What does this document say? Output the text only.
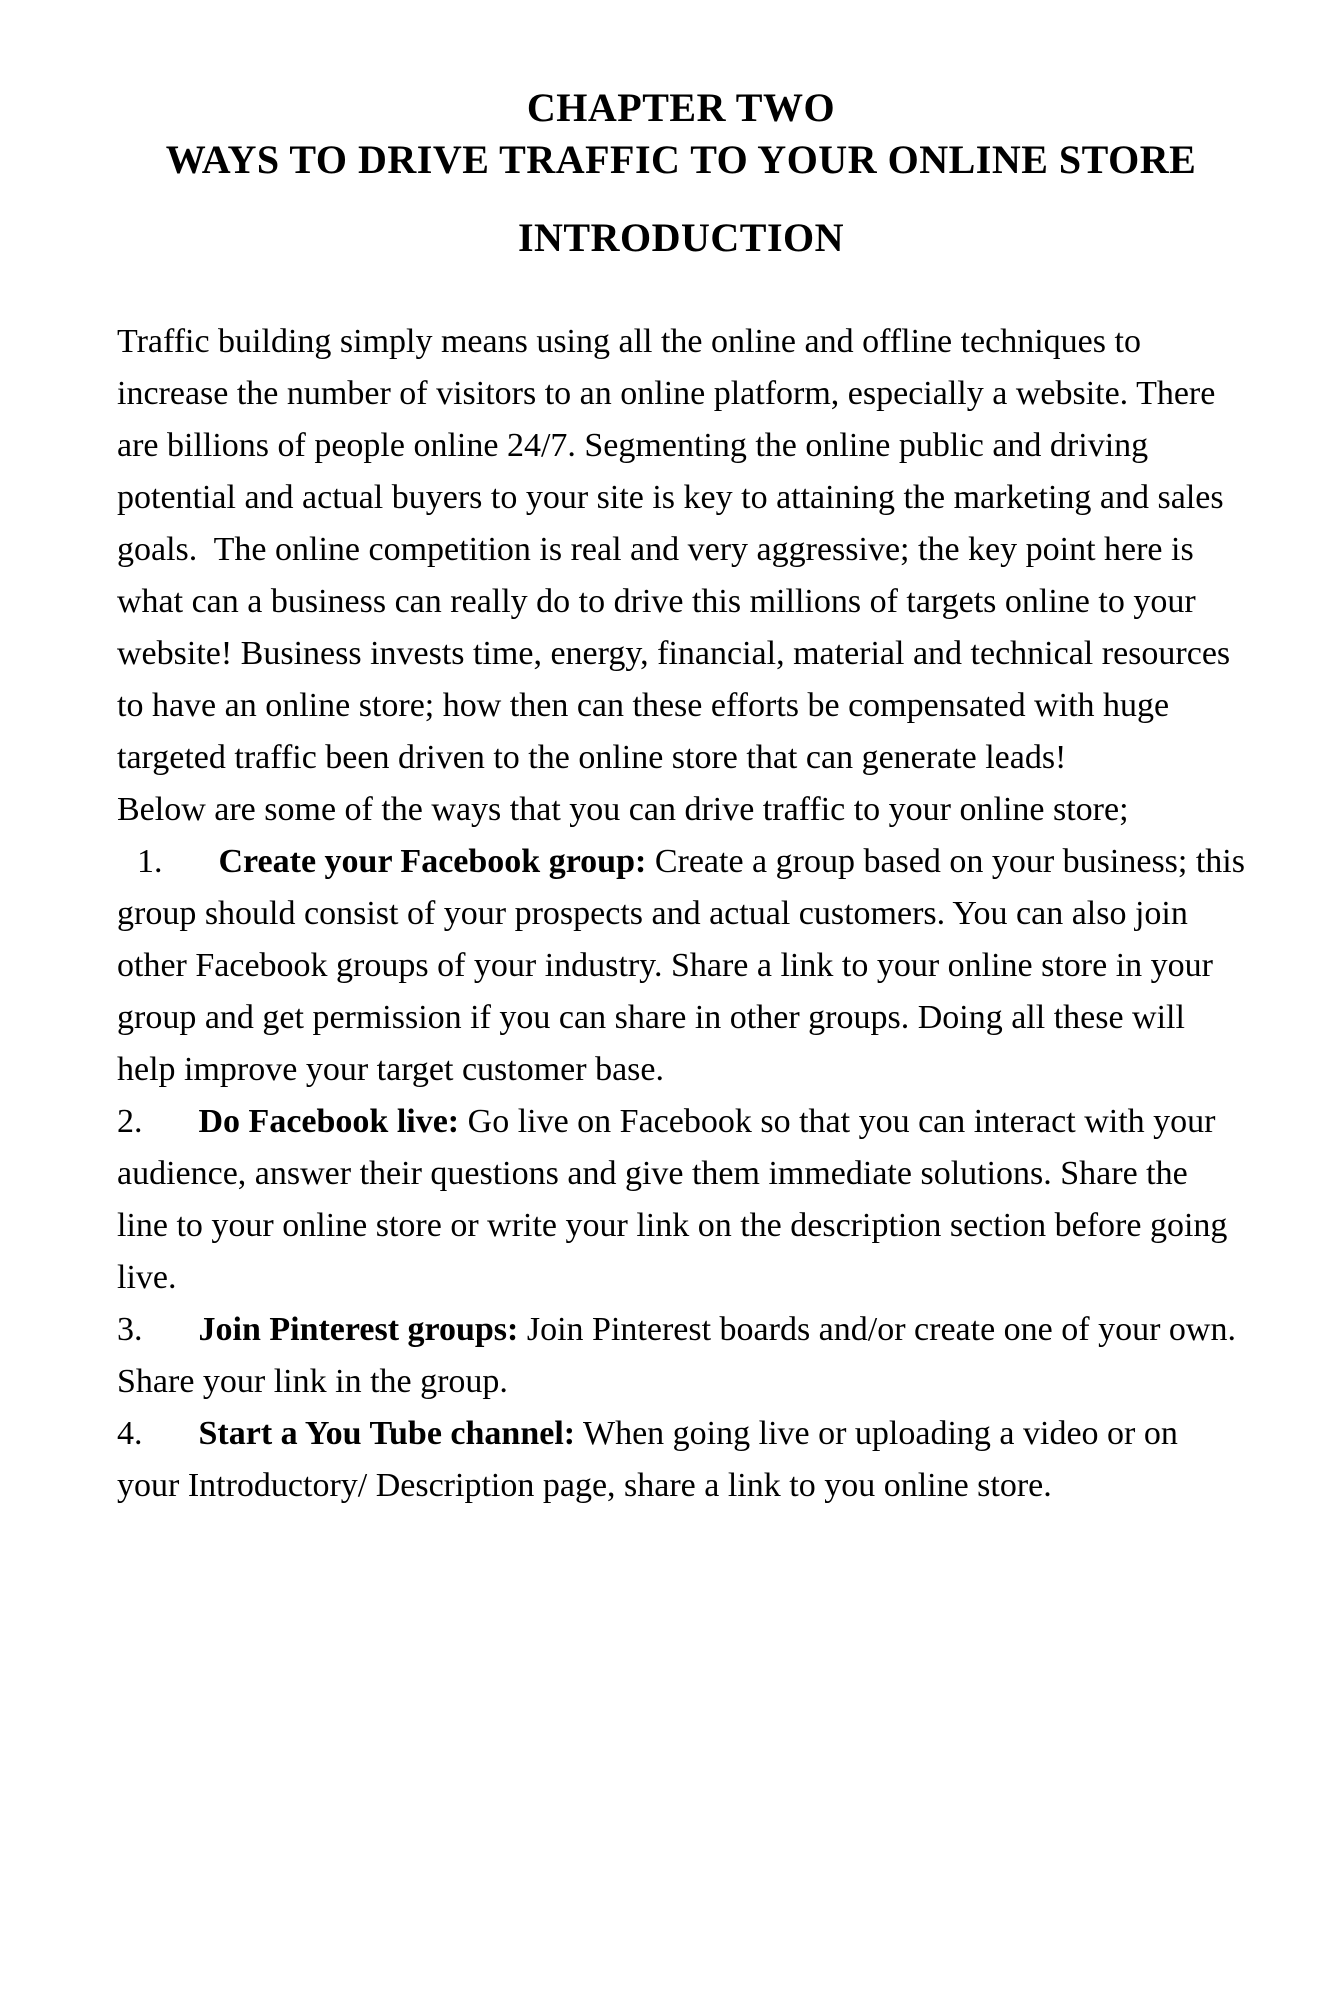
CHAPTER TWO
WAYS TO DRIVE TRAFFIC TO YOUR ONLINE STORE
INTRODUCTION

Traffic building simply means using all the online and offline techniques to increase the number of visitors to an online platform, especially a website. There are billions of people online 24/7. Segmenting the online public and driving potential and actual buyers to your site is key to attaining the marketing and sales goals.  The online competition is real and very aggressive; the key point here is what can a business can really do to drive this millions of targets online to your website! Business invests time, energy, financial, material and technical resources to have an online store; how then can these efforts be compensated with huge targeted traffic been driven to the online store that can generate leads!

Below are some of the ways that you can drive traffic to your online store;

1. Create your Facebook group: Create a group based on your business; this group should consist of your prospects and actual customers. You can also join other Facebook groups of your industry. Share a link to your online store in your group and get permission if you can share in other groups. Doing all these will help improve your target customer base.

2. Do Facebook live: Go live on Facebook so that you can interact with your audience, answer their questions and give them immediate solutions. Share the line to your online store or write your link on the description section before going live.

3. Join Pinterest groups: Join Pinterest boards and/or create one of your own. Share your link in the group.

4. Start a You Tube channel: When going live or uploading a video or on your Introductory/ Description page, share a link to you online store.
